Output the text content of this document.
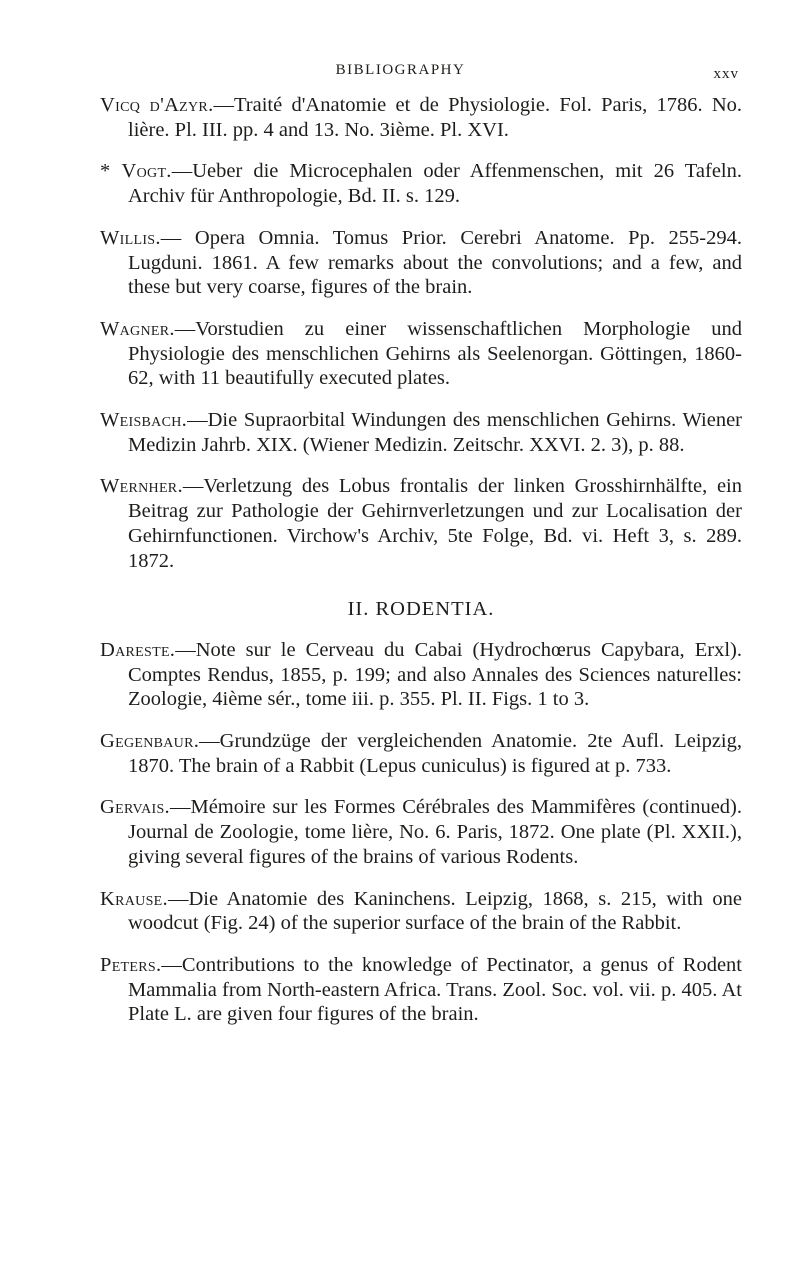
BIBLIOGRAPHY	xxv

Vicq d'Azyr.—Traité d'Anatomie et de Physiologie. Fol. Paris, 1786. No. lière. Pl. III. pp. 4 and 13. No. 3ième. Pl. XVI.

* Vogt.—Ueber die Microcephalen oder Affenmenschen, mit 26 Tafeln. Archiv für Anthropologie, Bd. II. s. 129.

Willis.— Opera Omnia. Tomus Prior. Cerebri Anatome. Pp. 255-294. Lugduni. 1861. A few remarks about the convolutions; and a few, and these but very coarse, figures of the brain.

Wagner.—Vorstudien zu einer wissenschaftlichen Morphologie und Physiologie des menschlichen Gehirns als Seelenorgan. Göttingen, 1860-62, with 11 beautifully executed plates.

Weisbach.—Die Supraorbital Windungen des menschlichen Gehirns. Wiener Medizin Jahrb. XIX. (Wiener Medizin. Zeitschr. XXVI. 2. 3), p. 88.

Wernher.—Verletzung des Lobus frontalis der linken Grosshirnhälfte, ein Beitrag zur Pathologie der Gehirnverletzungen und zur Localisation der Gehirnfunctionen. Virchow's Archiv, 5te Folge, Bd. vi. Heft 3, s. 289. 1872.

II. RODENTIA.

Dareste.—Note sur le Cerveau du Cabai (Hydrochœrus Capybara, Erxl). Comptes Rendus, 1855, p. 199; and also Annales des Sciences naturelles: Zoologie, 4ième sér., tome iii. p. 355. Pl. II. Figs. 1 to 3.

Gegenbaur.—Grundzüge der vergleichenden Anatomie. 2te Aufl. Leipzig, 1870. The brain of a Rabbit (Lepus cuniculus) is figured at p. 733.

Gervais.—Mémoire sur les Formes Cérébrales des Mammifères (continued). Journal de Zoologie, tome lière, No. 6. Paris, 1872. One plate (Pl. XXII.), giving several figures of the brains of various Rodents.

Krause.—Die Anatomie des Kaninchens. Leipzig, 1868, s. 215, with one woodcut (Fig. 24) of the superior surface of the brain of the Rabbit.

Peters.—Contributions to the knowledge of Pectinator, a genus of Rodent Mammalia from North-eastern Africa. Trans. Zool. Soc. vol. vii. p. 405. At Plate L. are given four figures of the brain.
